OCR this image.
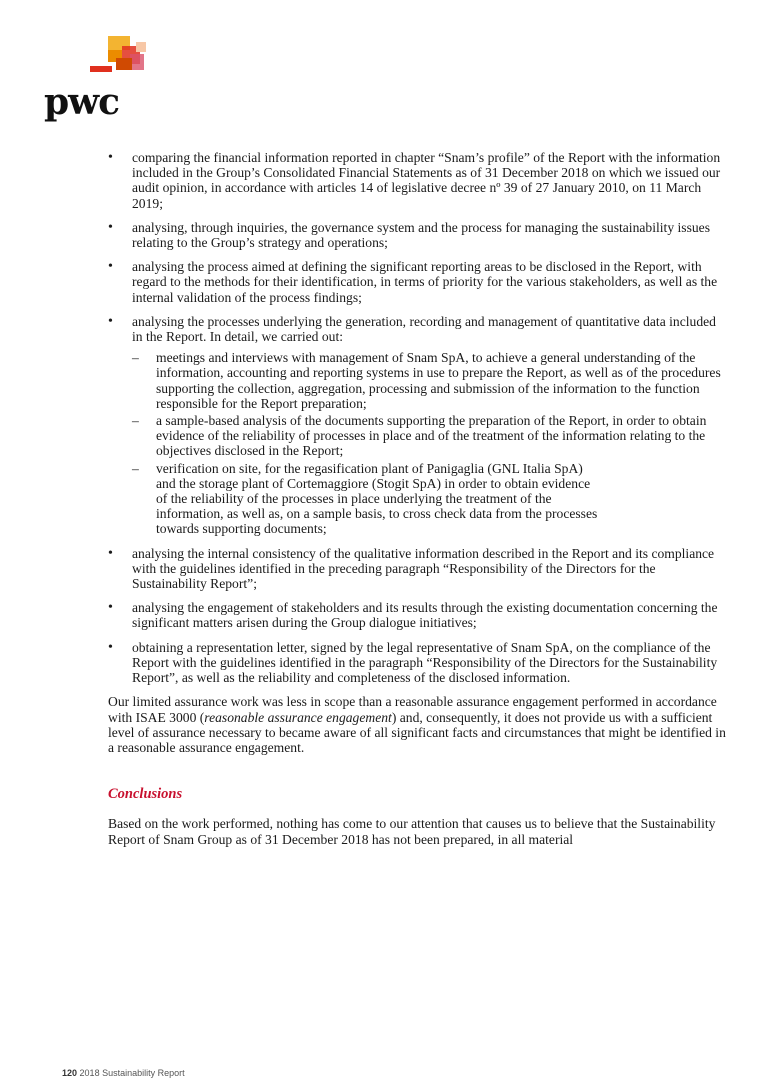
pwc
• comparing the financial information reported in chapter “Snam’s profile” of the Report with the information included in the Group’s Consolidated Financial Statements as of 31 December 2018 on which we issued our audit opinion, in accordance with articles 14 of legislative decree nº 39 of 27 January 2010, on 11 March 2019;
• analysing, through inquiries, the governance system and the process for managing the sustainability issues relating to the Group’s strategy and operations;
• analysing the process aimed at defining the significant reporting areas to be disclosed in the Report, with regard to the methods for their identification, in terms of priority for the various stakeholders, as well as the internal validation of the process findings;
• analysing the processes underlying the generation, recording and management of quantitative data included in the Report. In detail, we carried out:
– meetings and interviews with management of Snam SpA, to achieve a general understanding of the information, accounting and reporting systems in use to prepare the Report, as well as of the procedures supporting the collection, aggregation, processing and submission of the information to the function responsible for the Report preparation;
– a sample-based analysis of the documents supporting the preparation of the Report, in order to obtain evidence of the reliability of processes in place and of the treatment of the information relating to the objectives disclosed in the Report;
– verification on site, for the regasification plant of Panigaglia (GNL Italia SpA) and the storage plant of Cortemaggiore (Stogit SpA) in order to obtain evidence of the reliability of the processes in place underlying the treatment of the information, as well as, on a sample basis, to cross check data from the processes towards supporting documents;
• analysing the internal consistency of the qualitative information described in the Report and its compliance with the guidelines identified in the preceding paragraph “Responsibility of the Directors for the Sustainability Report”;
• analysing the engagement of stakeholders and its results through the existing documentation concerning the significant matters arisen during the Group dialogue initiatives;
• obtaining a representation letter, signed by the legal representative of Snam SpA, on the compliance of the Report with the guidelines identified in the paragraph “Responsibility of the Directors for the Sustainability Report”, as well as the reliability and completeness of the disclosed information.

Our limited assurance work was less in scope than a reasonable assurance engagement performed in accordance with ISAE 3000 (reasonable assurance engagement) and, consequently, it does not provide us with a sufficient level of assurance necessary to became aware of all significant facts and circumstances that might be identified in a reasonable assurance engagement.

Conclusions

Based on the work performed, nothing has come to our attention that causes us to believe that the Sustainability Report of Snam Group as of 31 December 2018 has not been prepared, in all material

120 2018 Sustainability Report
